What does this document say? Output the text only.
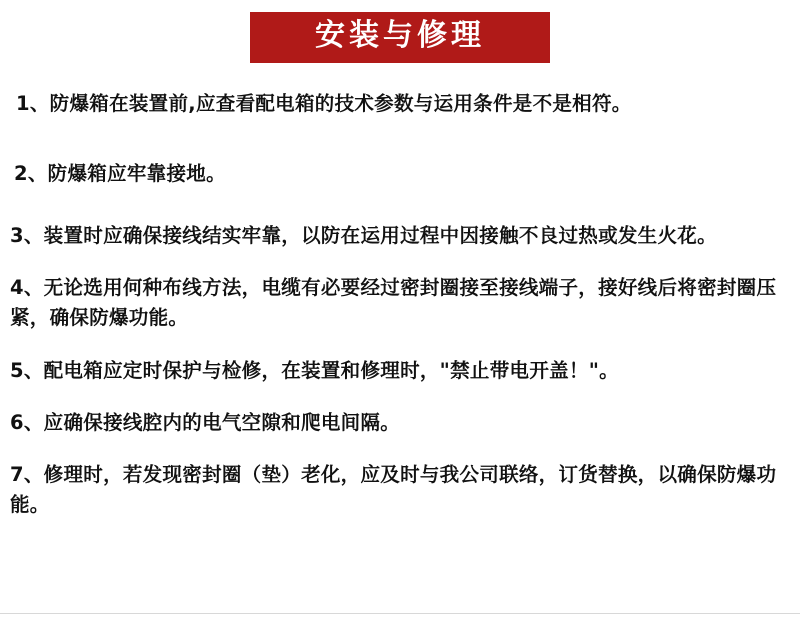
安装与修理

1、防爆箱在装置前,应查看配电箱的技术参数与运用条件是不是相符。

2、防爆箱应牢靠接地。

3、装置时应确保接线结实牢靠，以防在运用过程中因接触不良过热或发生火花。

4、无论选用何种布线方法，电缆有必要经过密封圈接至接线端子，接好线后将密封圈压紧，确保防爆功能。

5、配电箱应定时保护与检修，在装置和修理时，"禁止带电开盖！"。

6、应确保接线腔内的电气空隙和爬电间隔。

7、修理时，若发现密封圈（垫）老化，应及时与我公司联络，订货替换，以确保防爆功能。
